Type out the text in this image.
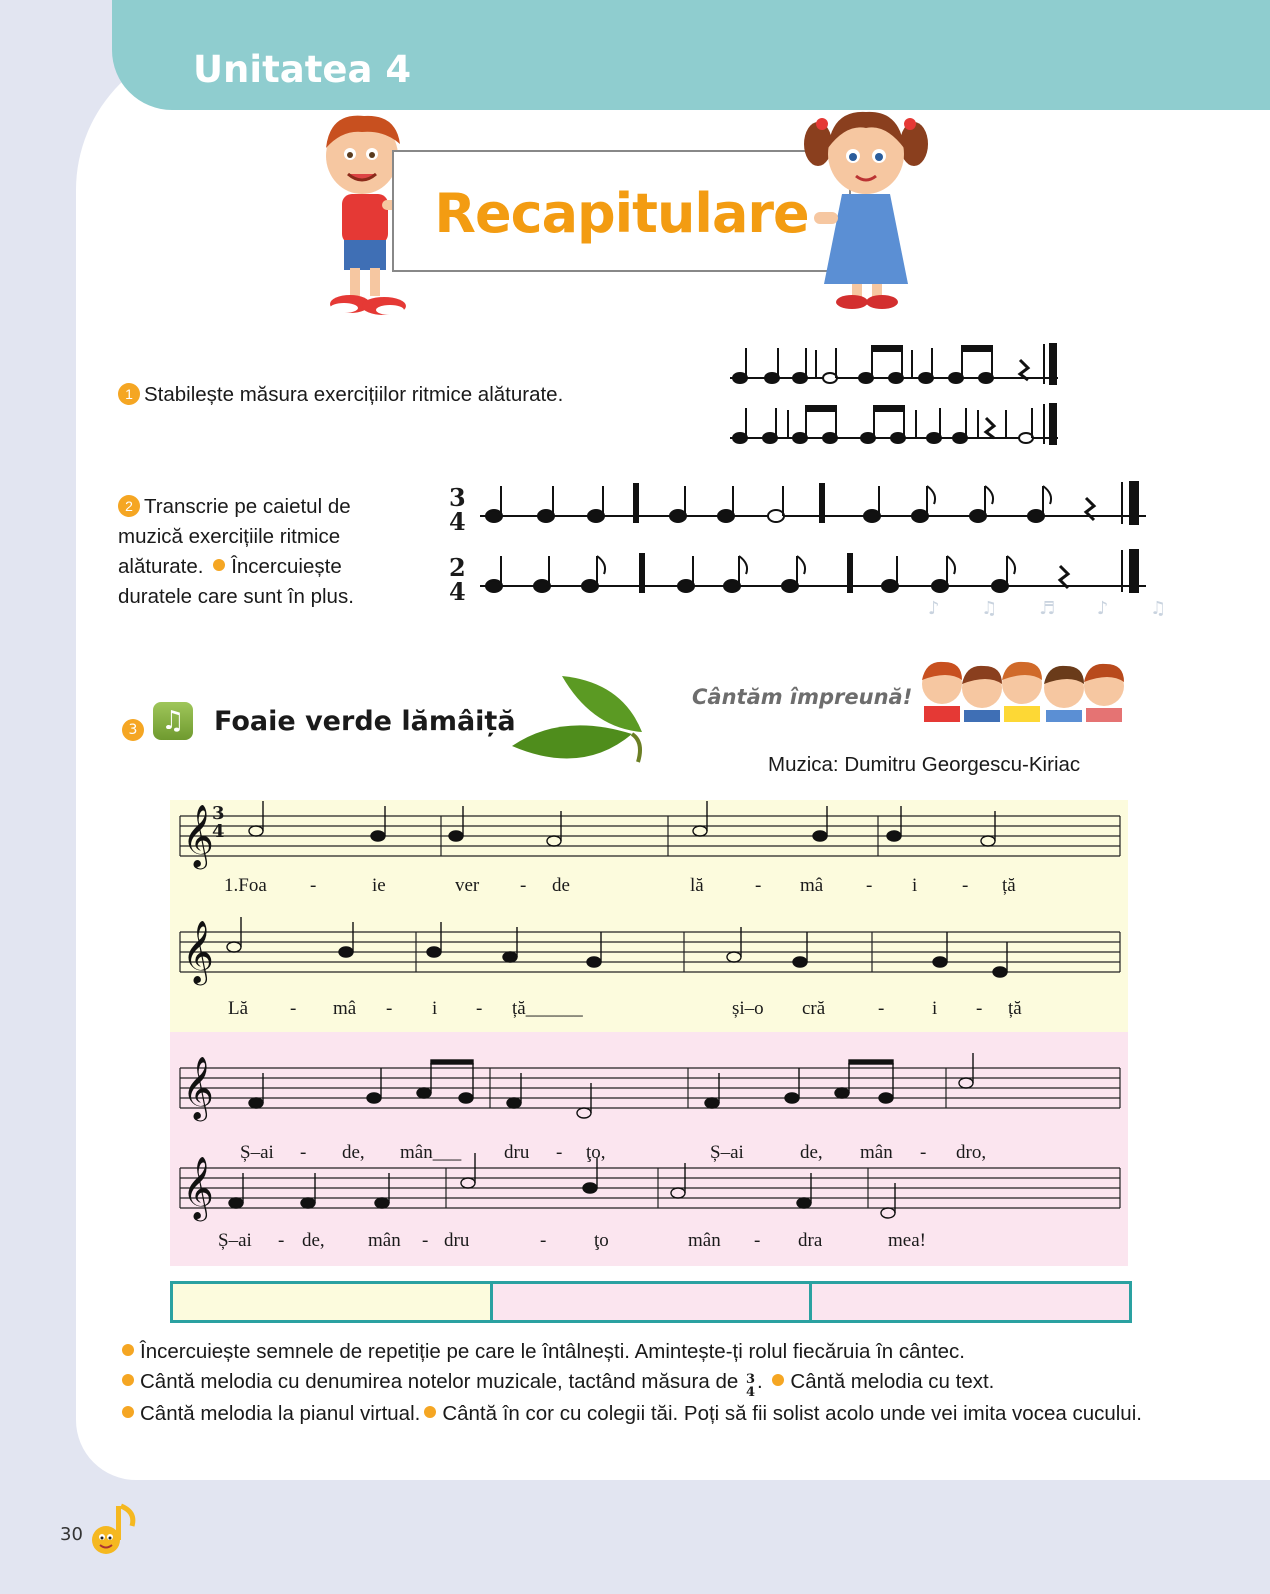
Unitatea 4
Recapitulare
1 Stabilește măsura exercițiilor ritmice alăturate.
2 Transcrie pe caietul de
muzică exercițiile ritmice
alăturate. Încercuiește
duratele care sunt în plus.
3
4
2
4
3 ♫	Foaie verde lămâiță
♪ ♫ ♬ ♪ ♫
Cântăm împreună!
Muzica: Dumitru Georgescu-Kiriac
𝄞
𝄞
𝄞
𝄞
3
4
1.Foa -	ie	ver - de	lă	- mâ - i - ță
Lă - mâ - i - ță______	și–o cră	-	i - ță
Ș–ai - de, mân___ dru - ţo,	Ș–ai	de, mân - dro,
Ș–ai - de, mân - dru	-	ţo	mân - dra	mea!
Încercuiește semnele de repetiție pe care le întâlnești. Amintește-ți rolul fiecăruia în cântec.
Cântă melodia cu denumirea notelor muzicale, tactând măsura de 3
4 . Cântă melodia cu text.
Cântă melodia la pianul virtual. Cântă în cor cu colegii tăi. Poți să fii solist acolo unde vei imita vocea cucului.
30
